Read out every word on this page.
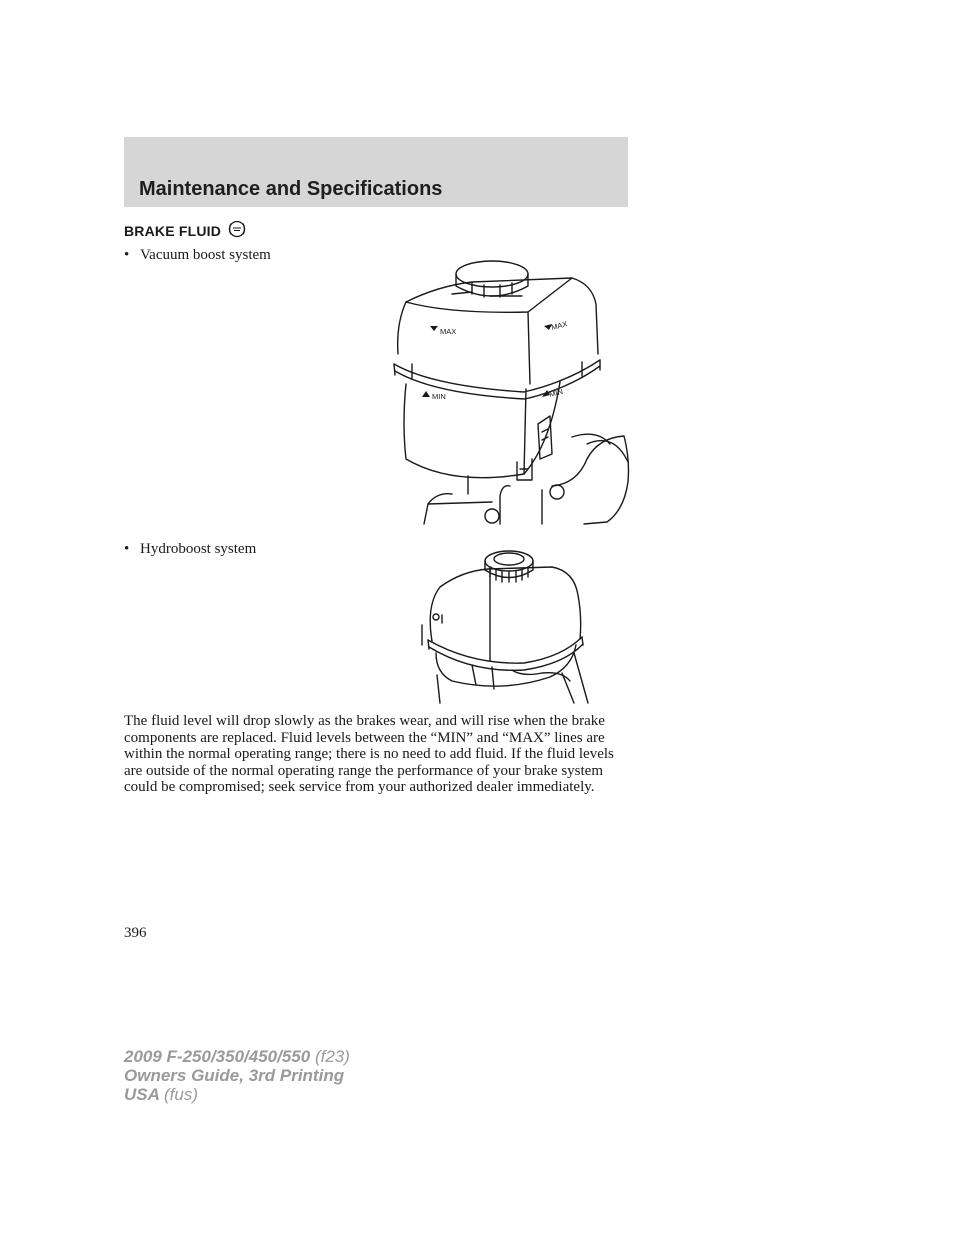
Maintenance and Specifications
BRAKE FLUID
• Vacuum boost system
MAX	MAX
MIN	MIN
• Hydroboost system

The fluid level will drop slowly as the brakes wear, and will rise when the brake components are replaced. Fluid levels between the “MIN” and “MAX” lines are within the normal operating range; there is no need to add fluid. If the fluid levels are outside of the normal operating range the performance of your brake system could be compromised; seek service from your authorized dealer immediately.

396
2009 F-250/350/450/550 (f23)
Owners Guide, 3rd Printing
USA (fus)
